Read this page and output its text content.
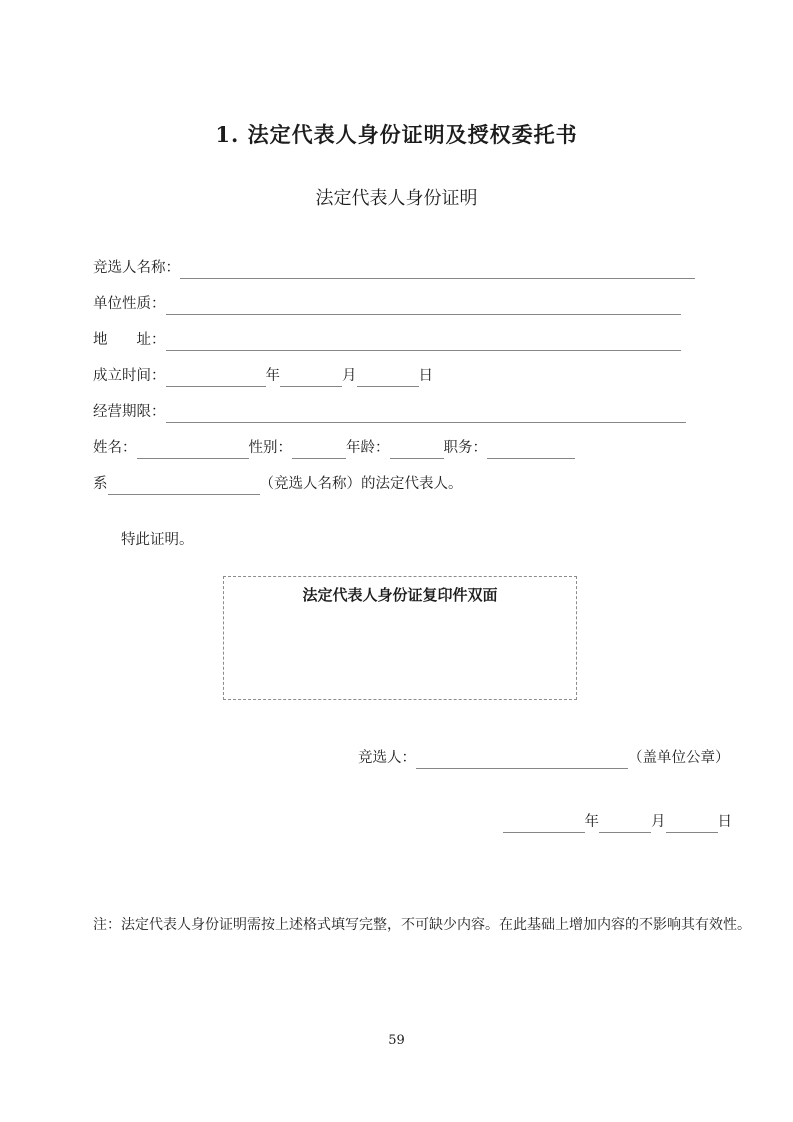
1. 法定代表人身份证明及授权委托书
法定代表人身份证明
竞选人名称：
单位性质：
地　　址：
成立时间：	年	月	日
经营期限：
姓名：	性别：	年龄：	职务：
系	（竞选人名称）的法定代表人。
特此证明。
法定代表人身份证复印件双面
竞选人：	（盖单位公章）
年	月	日
注：法定代表人身份证明需按上述格式填写完整，不可缺少内容。在此基础上增加内容的不影响其有效性。
59
